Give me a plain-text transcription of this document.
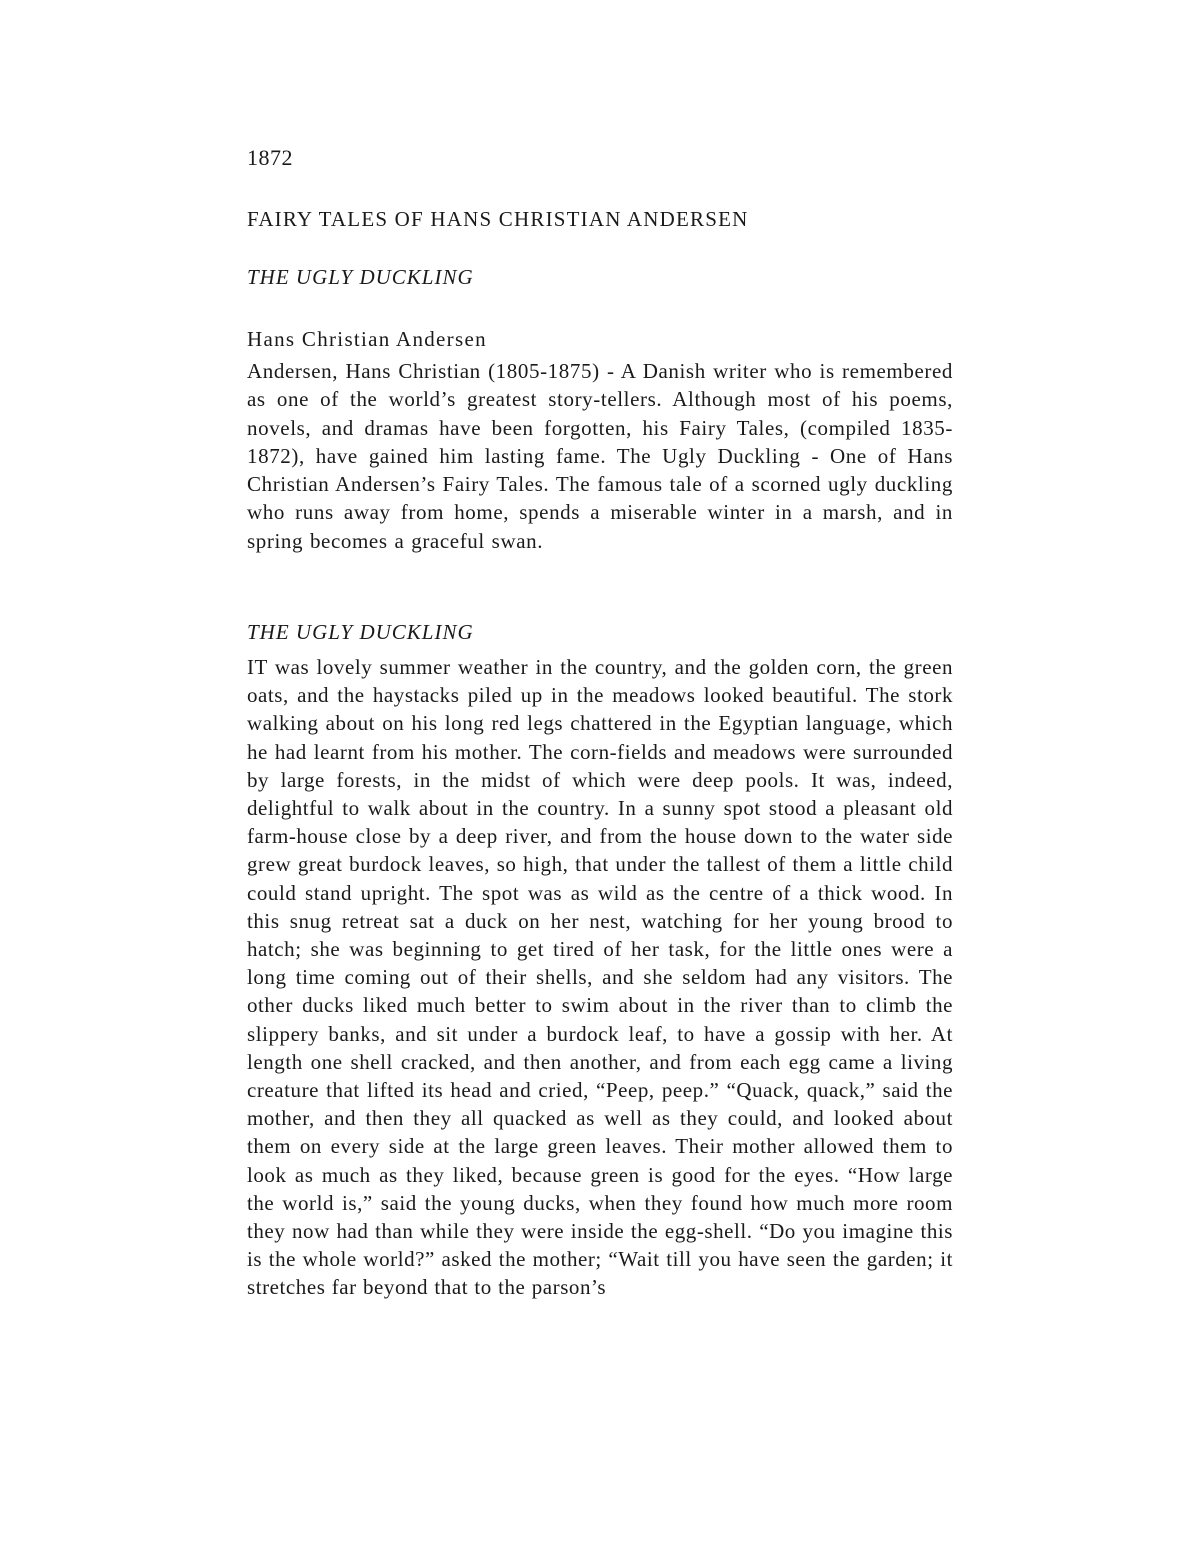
1872
FAIRY TALES OF HANS CHRISTIAN ANDERSEN
THE UGLY DUCKLING
Hans Christian Andersen

Andersen, Hans Christian (1805-1875) - A Danish writer who is remembered as one of the world’s greatest story-tellers. Although most of his poems, novels, and dramas have been forgotten, his Fairy Tales, (compiled 1835- 1872), have gained him lasting fame. The Ugly Duckling - One of Hans Christian Andersen’s Fairy Tales. The famous tale of a scorned ugly duckling who runs away from home, spends a miserable winter in a marsh, and in spring becomes a graceful swan.

THE UGLY DUCKLING

IT was lovely summer weather in the country, and the golden corn, the green oats, and the haystacks piled up in the meadows looked beautiful. The stork walking about on his long red legs chattered in the Egyptian language, which he had learnt from his mother. The corn-fields and meadows were surrounded by large forests, in the midst of which were deep pools. It was, indeed, delightful to walk about in the country. In a sunny spot stood a pleasant old farm-house close by a deep river, and from the house down to the water side grew great burdock leaves, so high, that under the tallest of them a little child could stand upright. The spot was as wild as the centre of a thick wood. In this snug retreat sat a duck on her nest, watching for her young brood to hatch; she was beginning to get tired of her task, for the little ones were a long time coming out of their shells, and she seldom had any visitors. The other ducks liked much better to swim about in the river than to climb the slippery banks, and sit under a burdock leaf, to have a gossip with her. At length one shell cracked, and then another, and from each egg came a living creature that lifted its head and cried, “Peep, peep.” “Quack, quack,” said the mother, and then they all quacked as well as they could, and looked about them on every side at the large green leaves. Their mother allowed them to look as much as they liked, because green is good for the eyes. “How large the world is,” said the young ducks, when they found how much more room they now had than while they were inside the egg-shell. “Do you imagine this is the whole world?” asked the mother; “Wait till you have seen the garden; it stretches far beyond that to the parson’s
